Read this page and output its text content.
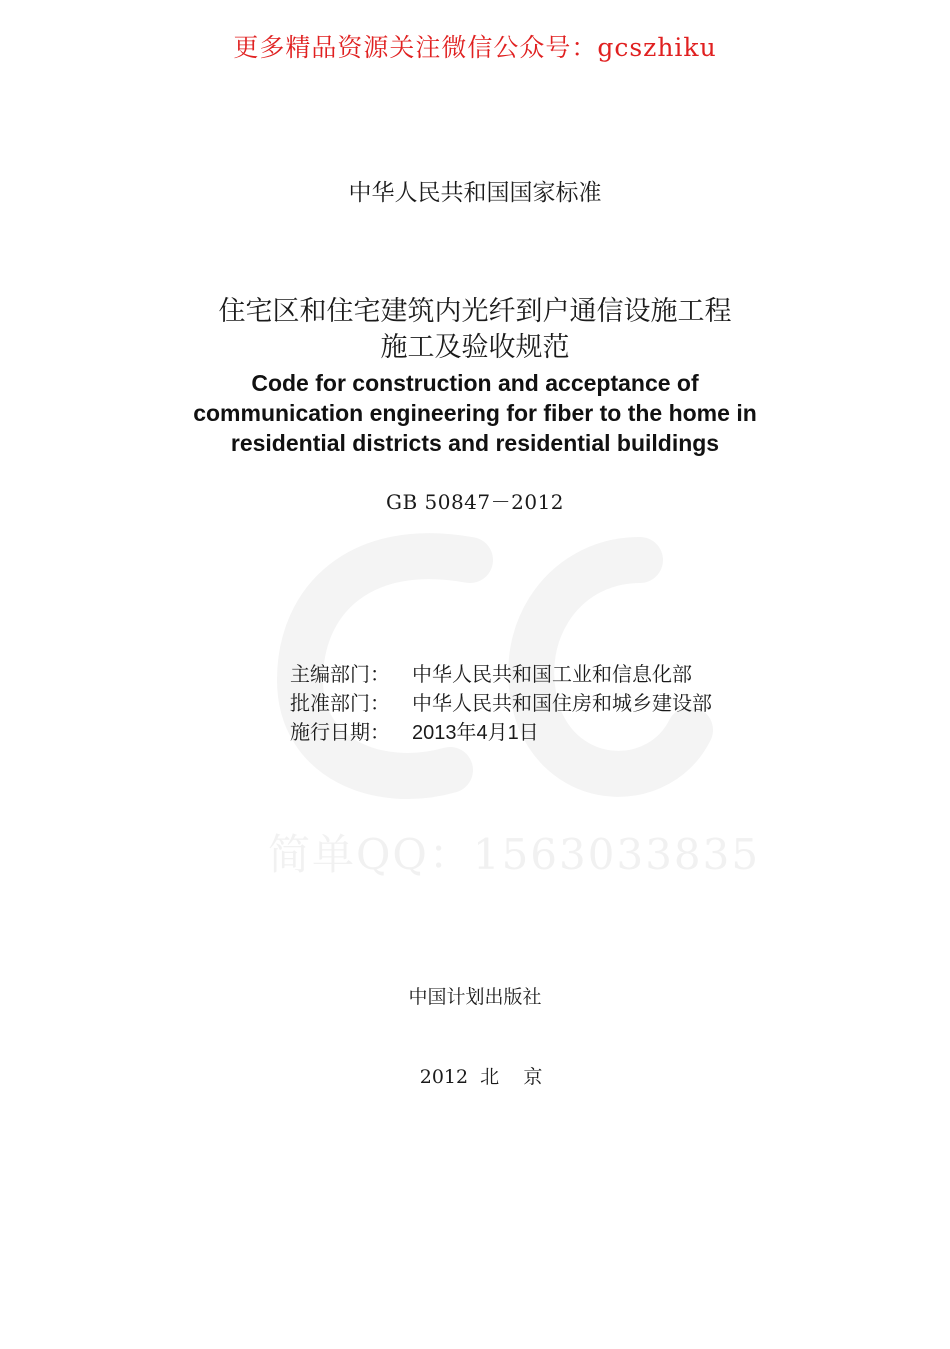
简单QQ：1563033835
更多精品资源关注微信公众号：gcszhiku
中华人民共和国国家标准
住宅区和住宅建筑内光纤到户通信设施工程
施工及验收规范
Code for construction and acceptance of
communication engineering for fiber to the home in
residential districts and residential buildings
GB 50847－2012
主编部门：	中华人民共和国工业和信息化部
批准部门：	中华人民共和国住房和城乡建设部
施行日期：	2013年4月1日
中国计划出版社

2012  北    京
